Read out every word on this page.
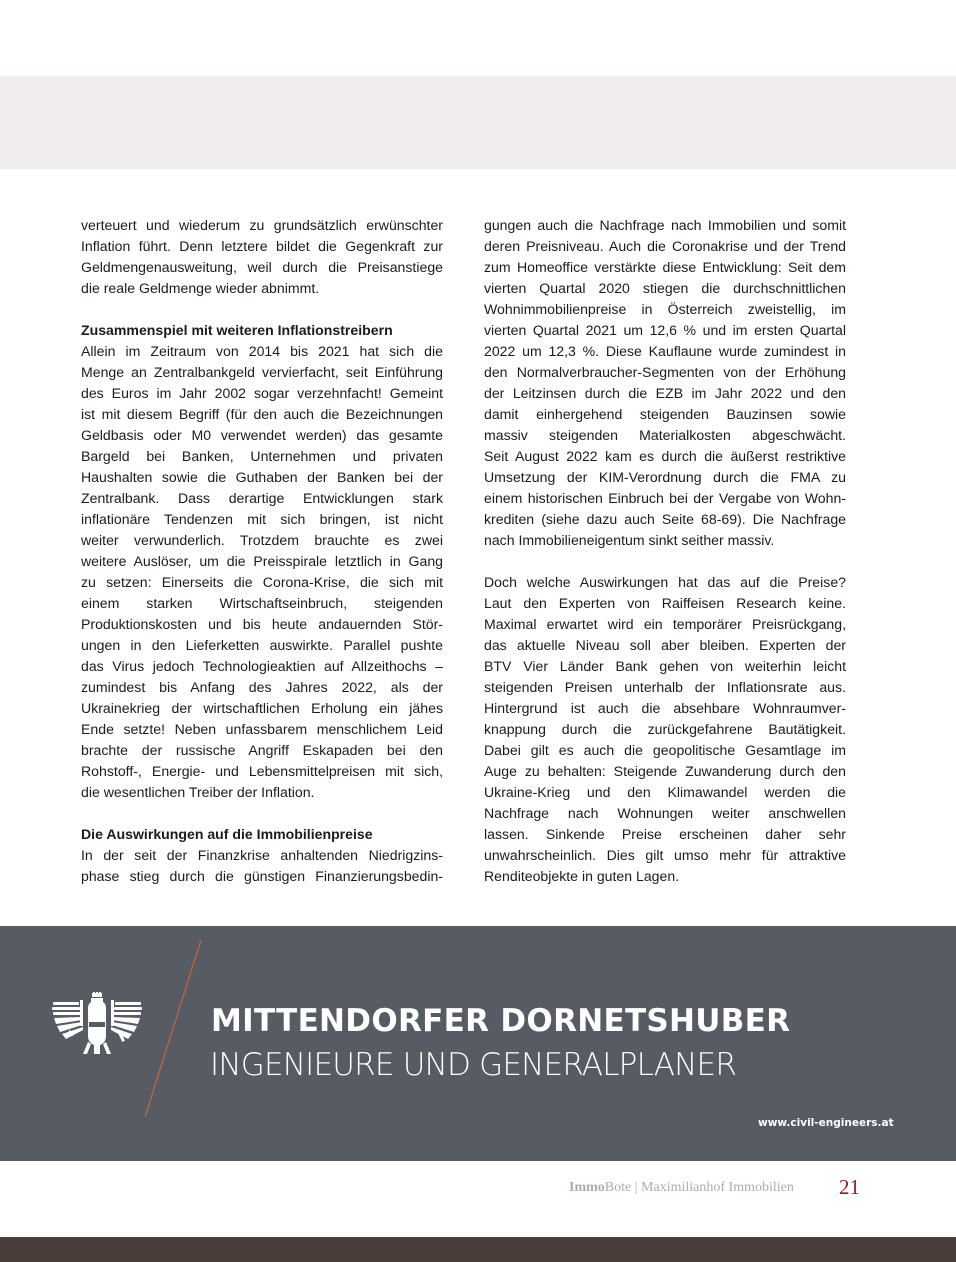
verteuert und wiederum zu grundsätzlich erwünschter
Inflation führt. Denn letztere bildet die Gegenkraft zur
Geldmengenausweitung, weil durch die Preisanstiege
die reale Geldmenge wieder abnimmt.
Zusammenspiel mit weiteren Inflationstreibern
Allein im Zeitraum von 2014 bis 2021 hat sich die
Menge an Zentralbankgeld vervierfacht, seit Einführung
des Euros im Jahr 2002 sogar verzehnfacht! Gemeint
ist mit diesem Begriff (für den auch die Bezeichnungen
Geldbasis oder M0 verwendet werden) das gesamte
Bargeld bei Banken, Unternehmen und privaten
Haushalten sowie die Guthaben der Banken bei der
Zentralbank. Dass derartige Entwicklungen stark
inflationäre Tendenzen mit sich bringen, ist nicht
weiter verwunderlich. Trotzdem brauchte es zwei
weitere Auslöser, um die Preisspirale letztlich in Gang
zu setzen: Einerseits die Corona-Krise, die sich mit
einem starken Wirtschaftseinbruch, steigenden
Produktionskosten und bis heute andauernden Stör-
ungen in den Lieferketten auswirkte. Parallel pushte
das Virus jedoch Technologieaktien auf Allzeithochs –
zumindest bis Anfang des Jahres 2022, als der
Ukrainekrieg der wirtschaftlichen Erholung ein jähes
Ende setzte! Neben unfassbarem menschlichem Leid
brachte der russische Angriff Eskapaden bei den
Rohstoff-, Energie- und Lebensmittelpreisen mit sich,
die wesentlichen Treiber der Inflation.
Die Auswirkungen auf die Immobilienpreise
In der seit der Finanzkrise anhaltenden Niedrigzins-
phase stieg durch die günstigen Finanzierungsbedin-
gungen auch die Nachfrage nach Immobilien und somit
deren Preisniveau. Auch die Coronakrise und der Trend
zum Homeoffice verstärkte diese Entwicklung: Seit dem
vierten Quartal 2020 stiegen die durchschnittlichen
Wohnimmobilienpreise in Österreich zweistellig, im
vierten Quartal 2021 um 12,6 % und im ersten Quartal
2022 um 12,3 %. Diese Kauflaune wurde zumindest in
den Normalverbraucher-Segmenten von der Erhöhung
der Leitzinsen durch die EZB im Jahr 2022 und den
damit einhergehend steigenden Bauzinsen sowie
massiv steigenden Materialkosten abgeschwächt.
Seit August 2022 kam es durch die äußerst restriktive
Umsetzung der KIM-Verordnung durch die FMA zu
einem historischen Einbruch bei der Vergabe von Wohn-
krediten (siehe dazu auch Seite 68-69). Die Nachfrage
nach Immobilieneigentum sinkt seither massiv.
Doch welche Auswirkungen hat das auf die Preise?
Laut den Experten von Raiffeisen Research keine.
Maximal erwartet wird ein temporärer Preisrückgang,
das aktuelle Niveau soll aber bleiben. Experten der
BTV Vier Länder Bank gehen von weiterhin leicht
steigenden Preisen unterhalb der Inflationsrate aus.
Hintergrund ist auch die absehbare Wohnraumver-
knappung durch die zurückgefahrene Bautätigkeit.
Dabei gilt es auch die geopolitische Gesamtlage im
Auge zu behalten: Steigende Zuwanderung durch den
Ukraine-Krieg und den Klimawandel werden die
Nachfrage nach Wohnungen weiter anschwellen
lassen. Sinkende Preise erscheinen daher sehr
unwahrscheinlich. Dies gilt umso mehr für attraktive
Renditeobjekte in guten Lagen.
MITTENDORFER DORNETSHUBER
INGENIEURE UND GENERALPLANER
www.civil-engineers.at
ImmoBote | Maximilianhof Immobilien 21
